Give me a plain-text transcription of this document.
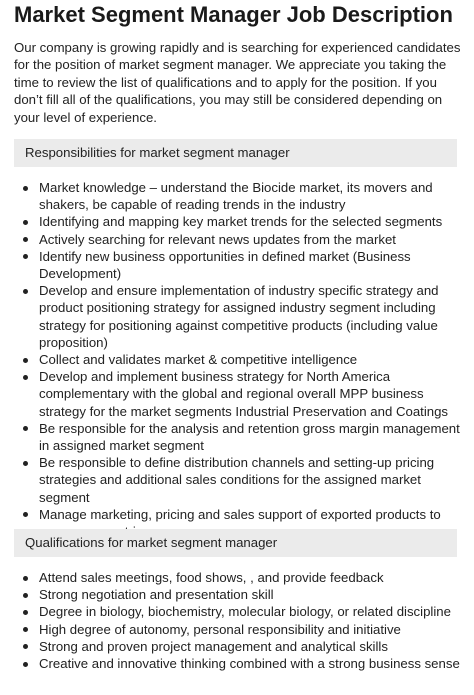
Market Segment Manager Job Description

Our company is growing rapidly and is searching for experienced candidates for the position of market segment manager. We appreciate you taking the time to review the list of qualifications and to apply for the position. If you don’t fill all of the qualifications, you may still be considered depending on your level of experience.

Responsibilities for market segment manager
Market knowledge – understand the Biocide market, its movers and shakers, be capable of reading trends in the industry
Identifying and mapping key market trends for the selected segments
Actively searching for relevant news updates from the market
Identify new business opportunities in defined market (Business Development)
Develop and ensure implementation of industry specific strategy and product positioning strategy for assigned industry segment including strategy for positioning against competitive products (including value proposition)
Collect and validates market & competitive intelligence
Develop and implement business strategy for North America complementary with the global and regional overall MPP business strategy for the market segments Industrial Preservation and Coatings
Be responsible for the analysis and retention gross margin management in assigned market segment
Be responsible to define distribution channels and setting-up pricing strategies and additional sales conditions for the assigned market segment
Manage marketing, pricing and sales support of exported products to
Qualifications for market segment manager
Attend sales meetings, food shows, , and provide feedback
Strong negotiation and presentation skill
Degree in biology, biochemistry, molecular biology, or related discipline
High degree of autonomy, personal responsibility and initiative
Strong and proven project management and analytical skills
Creative and innovative thinking combined with a strong business sense
